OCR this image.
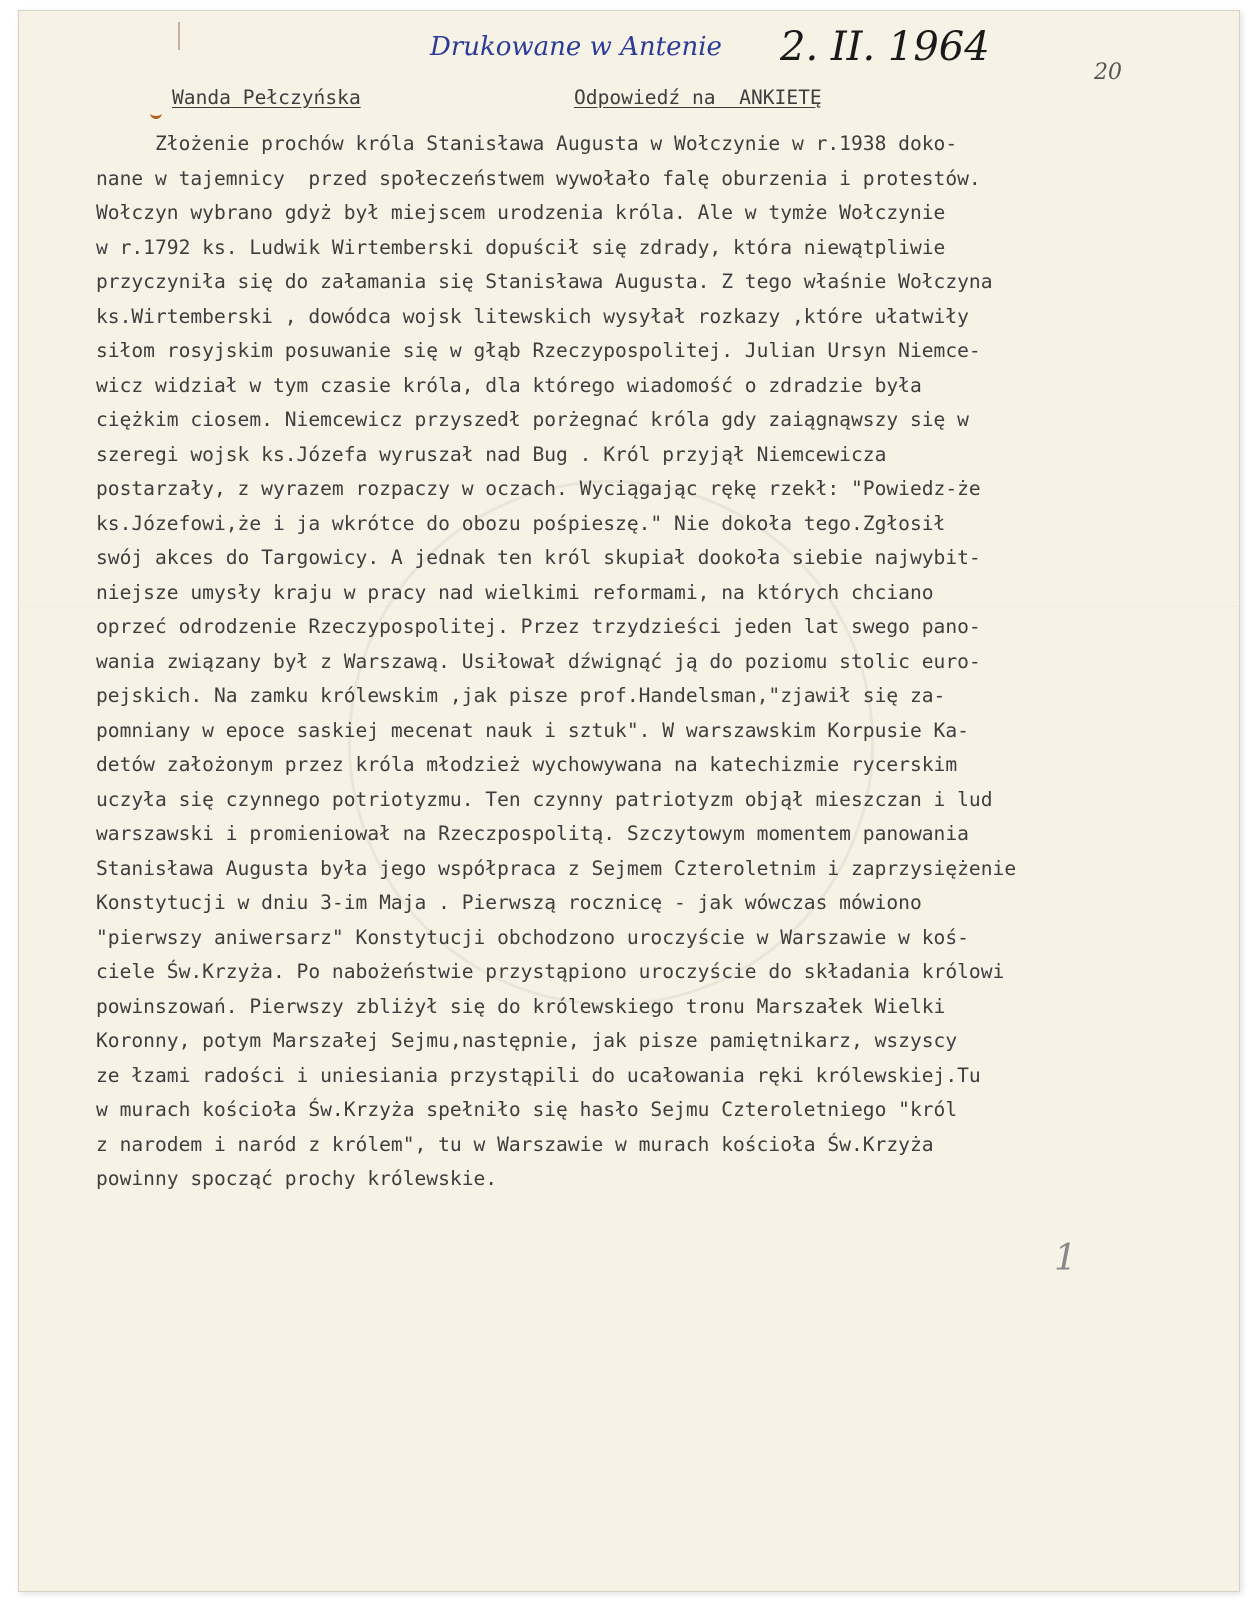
Drukowane w Antenie 2. II. 1964
20
Wanda Pełczyńska	Odpowiedź na  ANKIETĘ
Złożenie prochów króla Stanisława Augusta w Wołczynie w r.1938 doko-
nane w tajemnicy  przed społeczeństwem wywołało falę oburzenia i protestów.
Wołczyn wybrano gdyż był miejscem urodzenia króla. Ale w tymże Wołczynie
w r.1792 ks. Ludwik Wirtemberski dopuścił się zdrady, która niewątpliwie
przyczyniła się do załamania się Stanisława Augusta. Z tego właśnie Wołczyna
ks.Wirtemberski , dowódca wojsk litewskich wysyłał rozkazy ,które ułatwiły
siłom rosyjskim posuwanie się w głąb Rzeczypospolitej. Julian Ursyn Niemce-
wicz widział w tym czasie króla, dla którego wiadomość o zdradzie była
ciężkim ciosem. Niemcewicz przyszedł porżegnać króla gdy zaiągnąwszy się w
szeregi wojsk ks.Józefa wyruszał nad Bug . Król przyjął Niemcewicza
postarzały, z wyrazem rozpaczy w oczach. Wyciągając rękę rzekł: "Powiedz-że
ks.Józefowi,że i ja wkrótce do obozu pośpieszę." Nie dokoła tego.Zgłosił
swój akces do Targowicy. A jednak ten król skupiał dookoła siebie najwybit-
niejsze umysły kraju w pracy nad wielkimi reformami, na których chciano
oprzeć odrodzenie Rzeczypospolitej. Przez trzydzieści jeden lat swego pano-
wania związany był z Warszawą. Usiłował dźwignąć ją do poziomu stolic euro-
pejskich. Na zamku królewskim ,jak pisze prof.Handelsman,"zjawił się za-
pomniany w epoce saskiej mecenat nauk i sztuk". W warszawskim Korpusie Ka-
detów założonym przez króla młodzież wychowywana na katechizmie rycerskim
uczyła się czynnego potriotyzmu. Ten czynny patriotyzm objął mieszczan i lud
warszawski i promieniował na Rzeczpospolitą. Szczytowym momentem panowania
Stanisława Augusta była jego współpraca z Sejmem Czteroletnim i zaprzysiężenie
Konstytucji w dniu 3-im Maja . Pierwszą rocznicę - jak wówczas mówiono
"pierwszy aniwersarz" Konstytucji obchodzono uroczyście w Warszawie w koś-
ciele Św.Krzyża. Po nabożeństwie przystąpiono uroczyście do składania królowi
powinszowań. Pierwszy zbliżył się do królewskiego tronu Marszałek Wielki
Koronny, potym Marszałej Sejmu,następnie, jak pisze pamiętnikarz, wszyscy
ze łzami radości i uniesiania przystąpili do ucałowania ręki królewskiej.Tu
w murach kościoła Św.Krzyża spełniło się hasło Sejmu Czteroletniego "król
z narodem i naród z królem", tu w Warszawie w murach kościoła Św.Krzyża
powinny spocząć prochy królewskie.
1
